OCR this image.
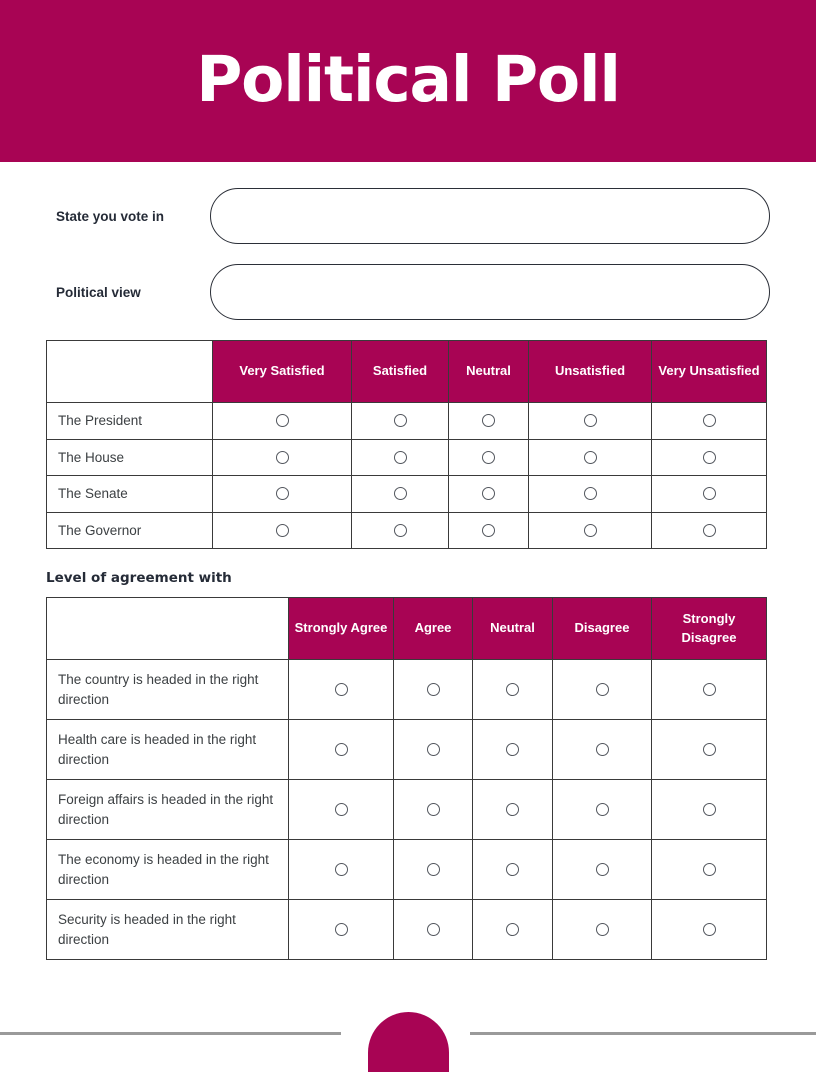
Political Poll
State you vote in
Political view
	Very Satisfied	Satisfied	Neutral	Unsatisfied	Very Unsatisfied
The President					
The House					
The Senate					
The Governor					
Level of agreement with
	Strongly Agree	Agree	Neutral	Disagree	Strongly Disagree
The country is headed in the right direction					
Health care is headed in the right direction					
Foreign affairs is headed in the right direction					
The economy is headed in the right direction					
Security is headed in the right direction					
